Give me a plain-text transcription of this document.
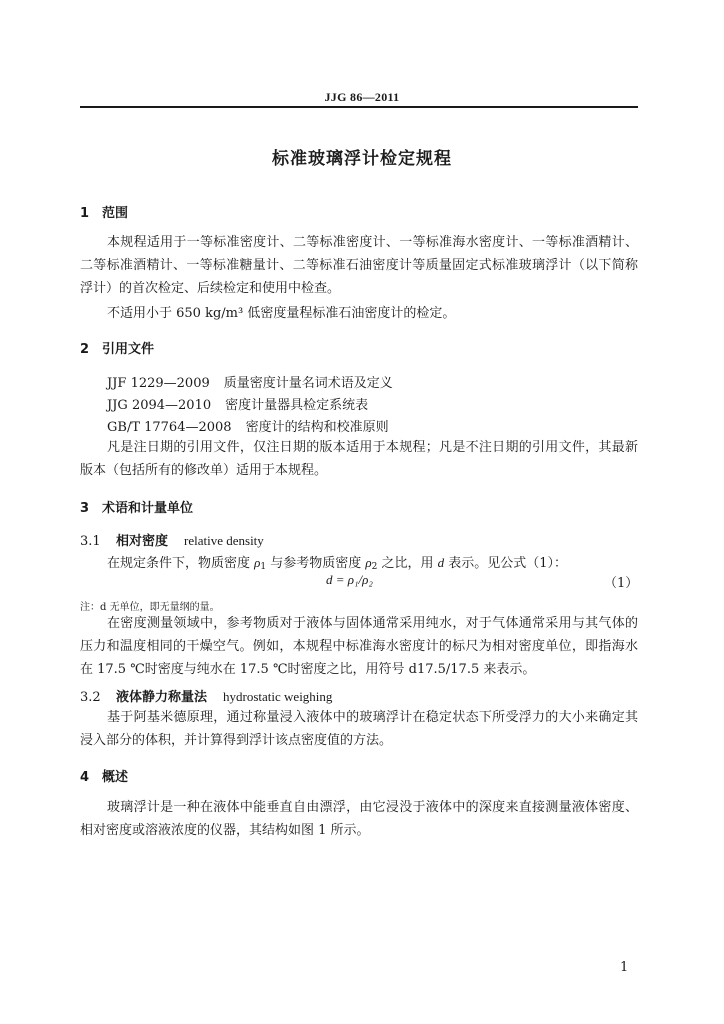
JJG 86—2011
标准玻璃浮计检定规程
1 范围
本规程适用于一等标准密度计、二等标准密度计、一等标准海水密度计、一等标准酒精计、二等标准酒精计、一等标准糖量计、二等标准石油密度计等质量固定式标准玻璃浮计（以下简称浮计）的首次检定、后续检定和使用中检查。
不适用小于 650 kg/m³ 低密度量程标准石油密度计的检定。
2 引用文件
JJF 1229—2009 质量密度计量名词术语及定义
JJG 2094—2010 密度计量器具检定系统表
GB/T 17764—2008 密度计的结构和校准原则
凡是注日期的引用文件，仅注日期的版本适用于本规程；凡是不注日期的引用文件，其最新版本（包括所有的修改单）适用于本规程。
3 术语和计量单位
3.1 相对密度 relative density
在规定条件下，物质密度 $\rho_1$ 与参考物质密度 $\rho_2$ 之比，用 d 表示。见公式（1）：
d = ρ₁/ρ₂	（1）
注：d 无单位，即无量纲的量。
在密度测量领域中，参考物质对于液体与固体通常采用纯水，对于气体通常采用与其气体的压力和温度相同的干燥空气。例如，本规程中标准海水密度计的标尺为相对密度单位，即指海水在 17.5 ℃时密度与纯水在 17.5 ℃时密度之比，用符号 d17.5/17.5 来表示。
3.2 液体静力称量法 hydrostatic weighing
基于阿基米德原理，通过称量浸入液体中的玻璃浮计在稳定状态下所受浮力的大小来确定其浸入部分的体积，并计算得到浮计该点密度值的方法。
4 概述
玻璃浮计是一种在液体中能垂直自由漂浮，由它浸没于液体中的深度来直接测量液体密度、相对密度或溶液浓度的仪器，其结构如图 1 所示。
1
